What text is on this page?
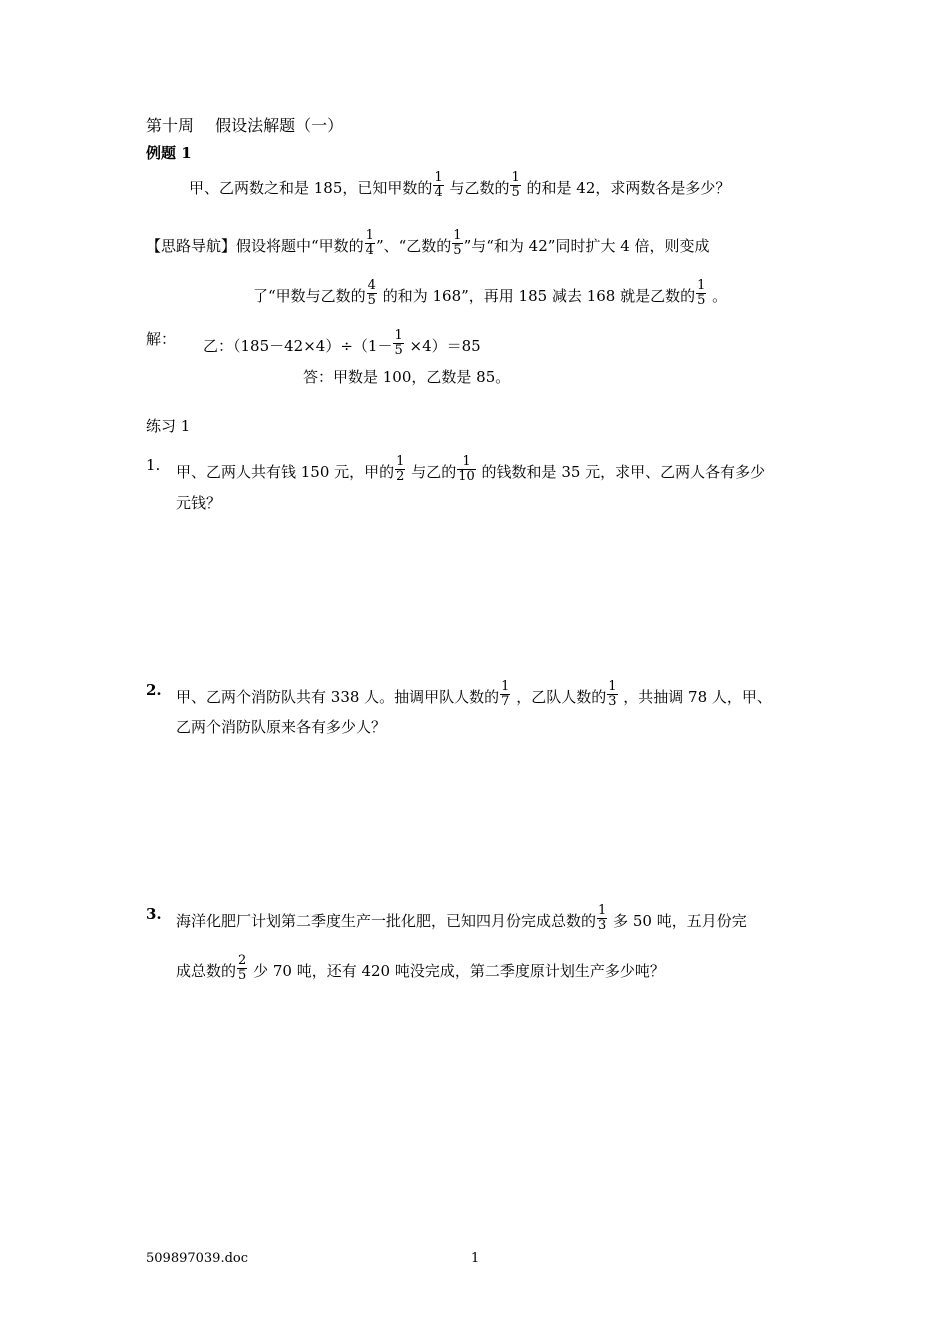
第十周　 假设法解题（一）
例题 1
甲、乙两数之和是 185，已知甲数的 $\frac{1}{4}$ 与乙数的 $\frac{1}{5}$ 的和是 42，求两数各是多少？
【思路导航】假设将题中“甲数的 $\frac{1}{4}$ ”、“乙数的 $\frac{1}{5}$ ”与“和为 42”同时扩大 4 倍，则变成
了“甲数与乙数的 $\frac{4}{5}$ 的和为 168”，再用 185 减去 168 就是乙数的 $\frac{1}{5}$ 。
解： 乙：$(185-42\times 4)\div(1- \frac{1}{5} \times 4)=85$
答：甲数是 100，乙数是 85。
练习 1
1. 甲、乙两人共有钱 150 元，甲的 $\frac{1}{2}$ 与乙的 $\frac{1}{10}$ 的钱数和是 35 元，求甲、乙两人各有多少
元钱？
2. 甲、乙两个消防队共有 338 人。抽调甲队人数的 $\frac{1}{7}$ ，乙队人数的 $\frac{1}{3}$ ，共抽调 78 人，甲、
乙两个消防队原来各有多少人？
3. 海洋化肥厂计划第二季度生产一批化肥，已知四月份完成总数的 $\frac{1}{3}$ 多 50 吨，五月份完
成总数的 $\frac{2}{5}$ 少 70 吨，还有 420 吨没完成，第二季度原计划生产多少吨？
509897039.doc	1
